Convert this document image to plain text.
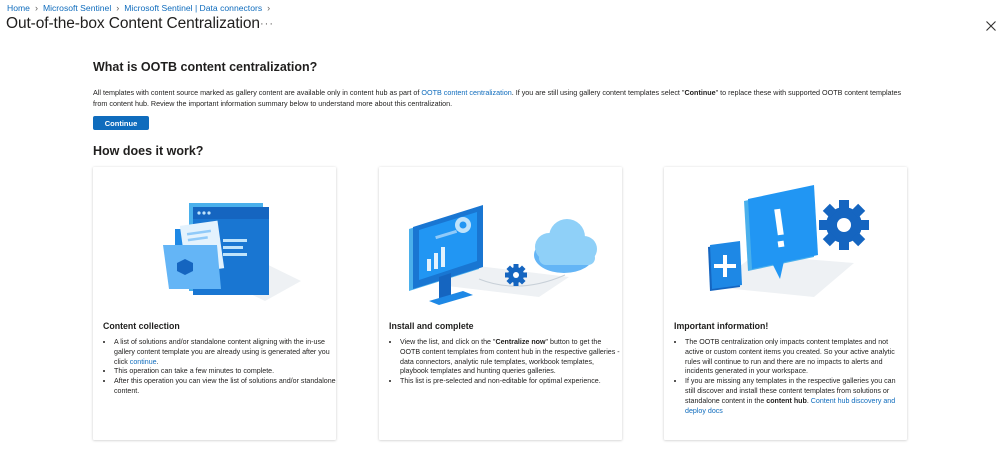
Home › Microsoft Sentinel › Microsoft Sentinel | Data connectors ›
Out-of-the-box Content Centralization ···
What is OOTB content centralization?

All templates with content source marked as gallery content are available only in content hub as part of OOTB content centralization. If you are still using gallery content templates select "Continue" to replace these with supported OOTB content templates from content hub. Review the important information summary below to understand more about this centralization.

Continue
How does it work?
Content collection
• A list of solutions and/or standalone content aligning with the in-use gallery content template you are already using is generated after you click continue.
• This operation can take a few minutes to complete.
• After this operation you can view the list of solutions and/or standalone content.
Install and complete
• View the list, and click on the "Centralize now" button to get the OOTB content templates from content hub in the respective galleries - data connectors, analytic rule templates, workbook templates, playbook templates and hunting queries galleries.
• This list is pre-selected and non-editable for optimal experience.
Important information!
• The OOTB centralization only impacts content templates and not active or custom content items you created. So your active analytic rules will continue to run and there are no impacts to alerts and incidents generated in your workspace.
• If you are missing any templates in the respective galleries you can still discover and install these content templates from solutions or standalone content in the content hub. Content hub discovery and deploy docs
